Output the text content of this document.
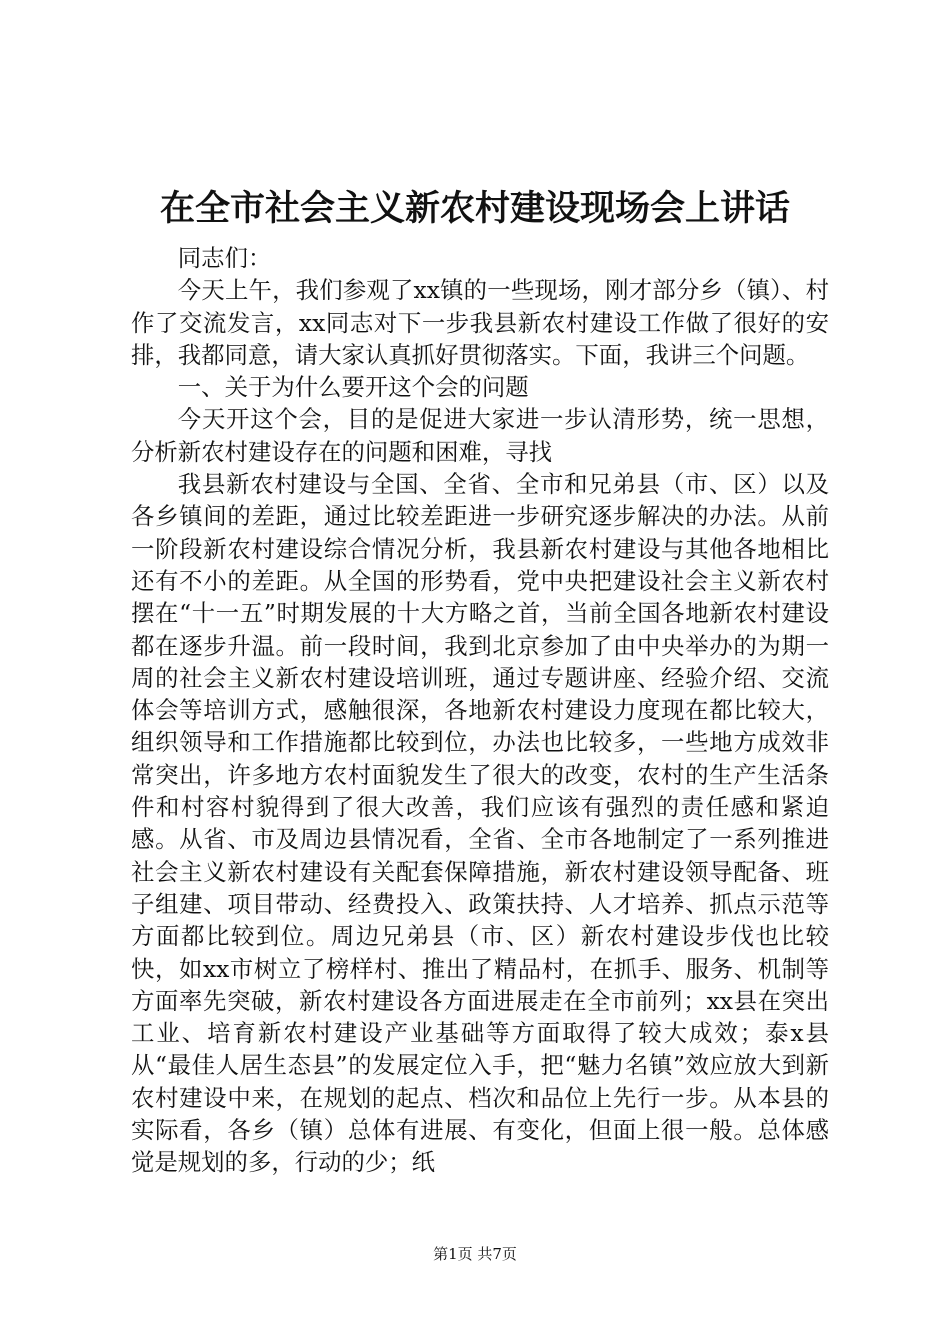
在全市社会主义新农村建设现场会上讲话

同志们：

今天上午，我们参观了xx镇的一些现场，刚才部分乡（镇）、村作了交流发言，xx同志对下一步我县新农村建设工作做了很好的安排，我都同意，请大家认真抓好贯彻落实。下面，我讲三个问题。

一、关于为什么要开这个会的问题

今天开这个会，目的是促进大家进一步认清形势，统一思想，分析新农村建设存在的问题和困难，寻找

我县新农村建设与全国、全省、全市和兄弟县（市、区）以及各乡镇间的差距，通过比较差距进一步研究逐步解决的办法。从前一阶段新农村建设综合情况分析，我县新农村建设与其他各地相比还有不小的差距。从全国的形势看，党中央把建设社会主义新农村摆在“十一五”时期发展的十大方略之首，当前全国各地新农村建设都在逐步升温。前一段时间，我到北京参加了由中央举办的为期一周的社会主义新农村建设培训班，通过专题讲座、经验介绍、交流体会等培训方式，感触很深，各地新农村建设力度现在都比较大，组织领导和工作措施都比较到位，办法也比较多，一些地方成效非常突出，许多地方农村面貌发生了很大的改变，农村的生产生活条件和村容村貌得到了很大改善，我们应该有强烈的责任感和紧迫感。从省、市及周边县情况看，全省、全市各地制定了一系列推进社会主义新农村建设有关配套保障措施，新农村建设领导配备、班子组建、项目带动、经费投入、政策扶持、人才培养、抓点示范等方面都比较到位。周边兄弟县（市、区）新农村建设步伐也比较快，如xx市树立了榜样村、推出了精品村，在抓手、服务、机制等方面率先突破，新农村建设各方面进展走在全市前列；xx县在突出工业、培育新农村建设产业基础等方面取得了较大成效；泰x县从“最佳人居生态县”的发展定位入手，把“魅力名镇”效应放大到新农村建设中来，在规划的起点、档次和品位上先行一步。从本县的实际看，各乡（镇）总体有进展、有变化，但面上很一般。总体感觉是规划的多，行动的少；纸

第1页 共7页
